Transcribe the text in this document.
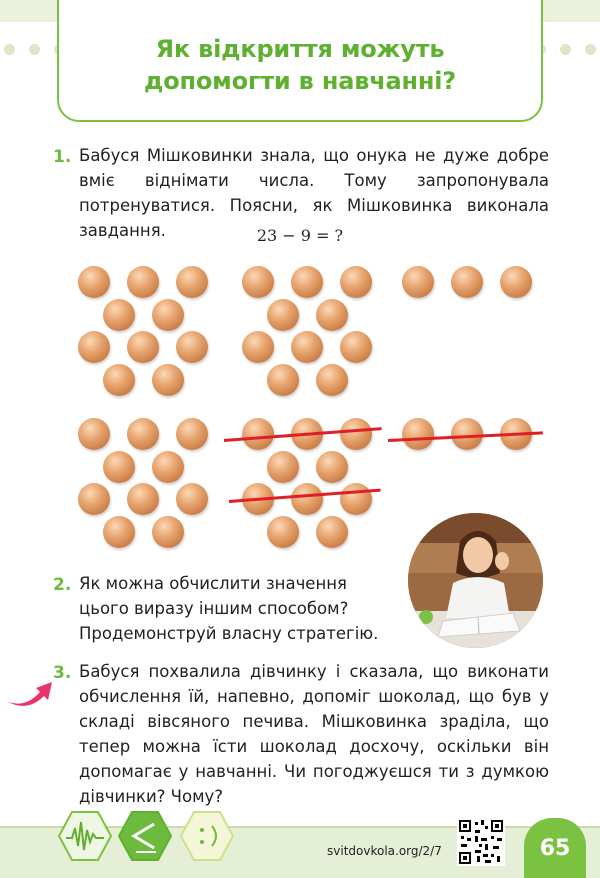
Як відкриття можуть допомогти в навчанні?
1. Бабуся Мішковинки знала, що онука не дуже добре вміє віднімати числа. Тому запропонувала потренуватися. Поясни, як Мішковинка виконала завдання.	23 − 9 = ?
2. Як можна обчислити значення цього виразу іншим способом? Продемонструй власну стратегію.
3. Бабуся похвалила дівчинку і сказала, що виконати обчислення їй, напевно, допоміг шоколад, що був у складі вівсяного печива. Мішковинка зраділа, що тепер можна їсти шоколад досхочу, оскільки він допомагає у навчанні. Чи погоджуєшся ти з думкою дівчинки? Чому?
svitdovkola.org/2/7	65
